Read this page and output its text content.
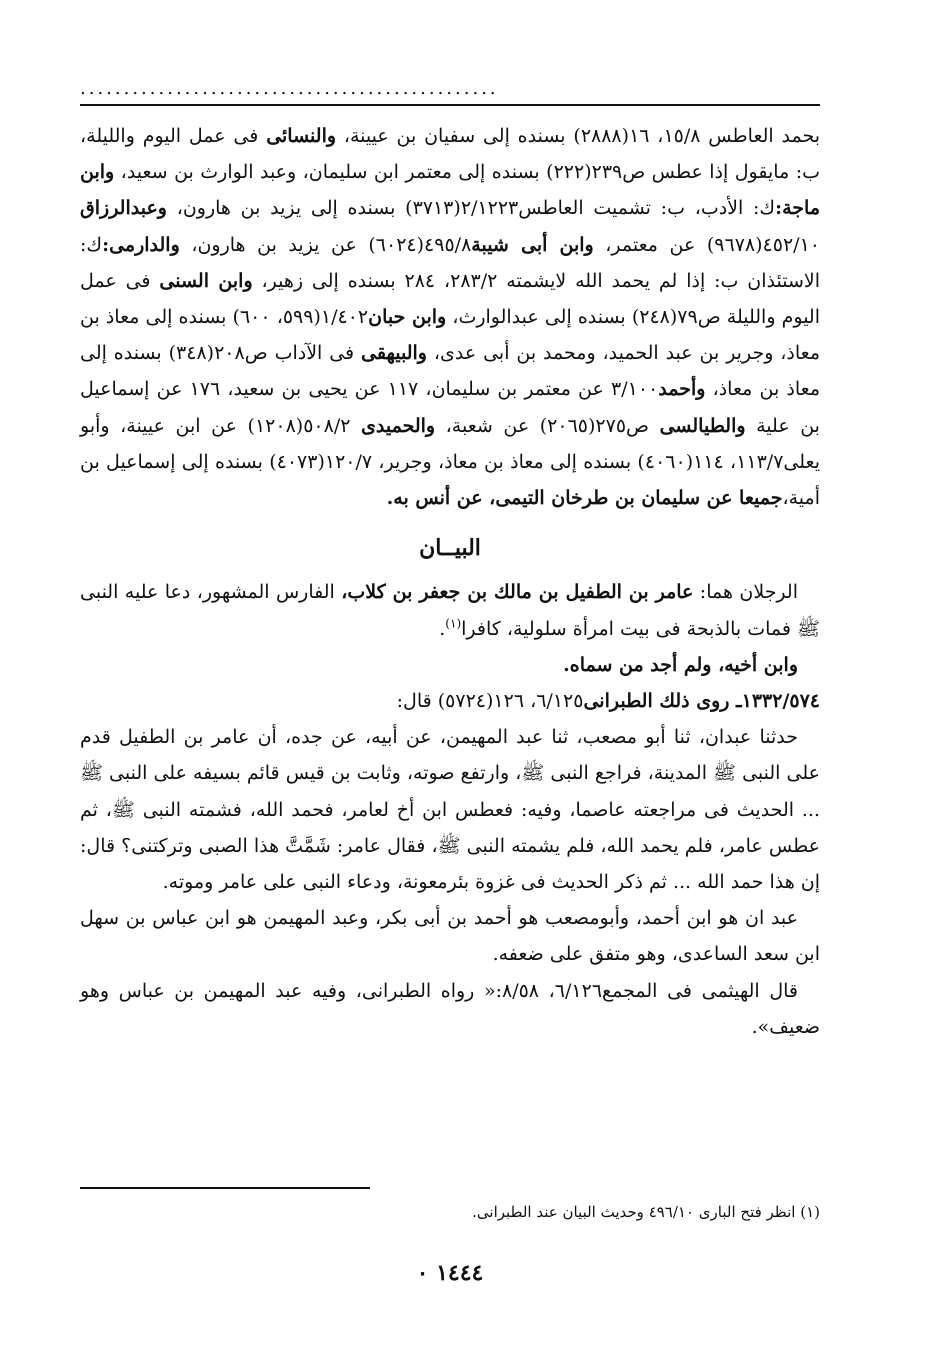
................................................

بحمد العاطس ١٥/٨، ١٦(٢٨٨٨) بسنده إلى سفيان بن عيينة، والنسائى فى عمل اليوم والليلة، ب: مايقول إذا عطس ص٢٣٩(٢٢٢) بسنده إلى معتمر ابن سليمان، وعبد الوارث بن سعيد، وابن ماجة:ك: الأدب، ب: تشميت العاطس٢/١٢٢٣(٣٧١٣) بسنده إلى يزيد بن هارون، وعبدالرزاق ٤٥٢/١٠(٩٦٧٨) عن معتمر، وابن أبى شيبة٤٩٥/٨(٦٠٢٤) عن يزيد بن هارون، والدارمى:ك: الاستئذان ب: إذا لم يحمد الله لايشمته ٢٨٣/٢، ٢٨٤ بسنده إلى زهير، وابن السنى فى عمل اليوم والليلة ص٧٩(٢٤٨) بسنده إلى عبدالوارث، وابن حبان١/٤٠٢(٥٩٩، ٦٠٠) بسنده إلى معاذ بن معاذ، وجرير بن عبد الحميد، ومحمد بن أبى عدى، والبيهقى فى الآداب ص٢٠٨(٣٤٨) بسنده إلى معاذ بن معاذ، وأحمد٣/١٠٠ عن معتمر بن سليمان، ١١٧ عن يحيى بن سعيد، ١٧٦ عن إسماعيل بن علية والطيالسى ص٢٧٥(٢٠٦٥) عن شعبة، والحميدى ٥٠٨/٢(١٢٠٨) عن ابن عيينة، وأبو يعلى١١٣/٧، ١١٤(٤٠٦٠) بسنده إلى معاذ بن معاذ، وجرير، ١٢٠/٧(٤٠٧٣) بسنده إلى إسماعيل بن أمية،جميعا عن سليمان بن طرخان التيمى، عن أنس به.

البيــان

الرجلان هما: عامر بن الطفيل بن مالك بن جعفر بن كلاب، الفارس المشهور، دعا عليه النبى ﷺ فمات بالذبحة فى بيت امرأة سلولية، كافرا$^{(١)}$.

وابن أخيه، ولم أجد من سماه.

١٣٣٢/٥٧٤ـ روى ذلك الطبرانى٦/١٢٥، ١٢٦(٥٧٢٤) قال:

حدثنا عبدان، ثنا أبو مصعب، ثنا عبد المهيمن، عن أبيه، عن جده، أن عامر بن الطفيل قدم على النبى ﷺ المدينة، فراجع النبى ﷺ، وارتفع صوته، وثابت بن قيس قائم بسيفه على النبى ﷺ ... الحديث فى مراجعته عاصما، وفيه: فعطس ابن أخ لعامر، فحمد الله، فشمته النبى ﷺ، ثم عطس عامر، فلم يحمد الله، فلم يشمته النبى ﷺ، فقال عامر: شَمَّتَّ هذا الصبى وتركتنى؟ قال: إن هذا حمد الله ... ثم ذكر الحديث فى غزوة بئرمعونة، ودعاء النبى على عامر وموته.

عبد ان هو ابن أحمد، وأبومصعب هو أحمد بن أبى بكر، وعبد المهيمن هو ابن عباس بن سهل ابن سعد الساعدى، وهو متفق على ضعفه.

قال الهيثمى فى المجمع٦/١٢٦، ٨/٥٨:« رواه الطبرانى، وفيه عبد المهيمن بن عباس وهو ضعيف».

(١) انظر فتح البارى ٤٩٦/١٠ وحديث البيان عند الطبرانى.
١٤٤٤ ٠
